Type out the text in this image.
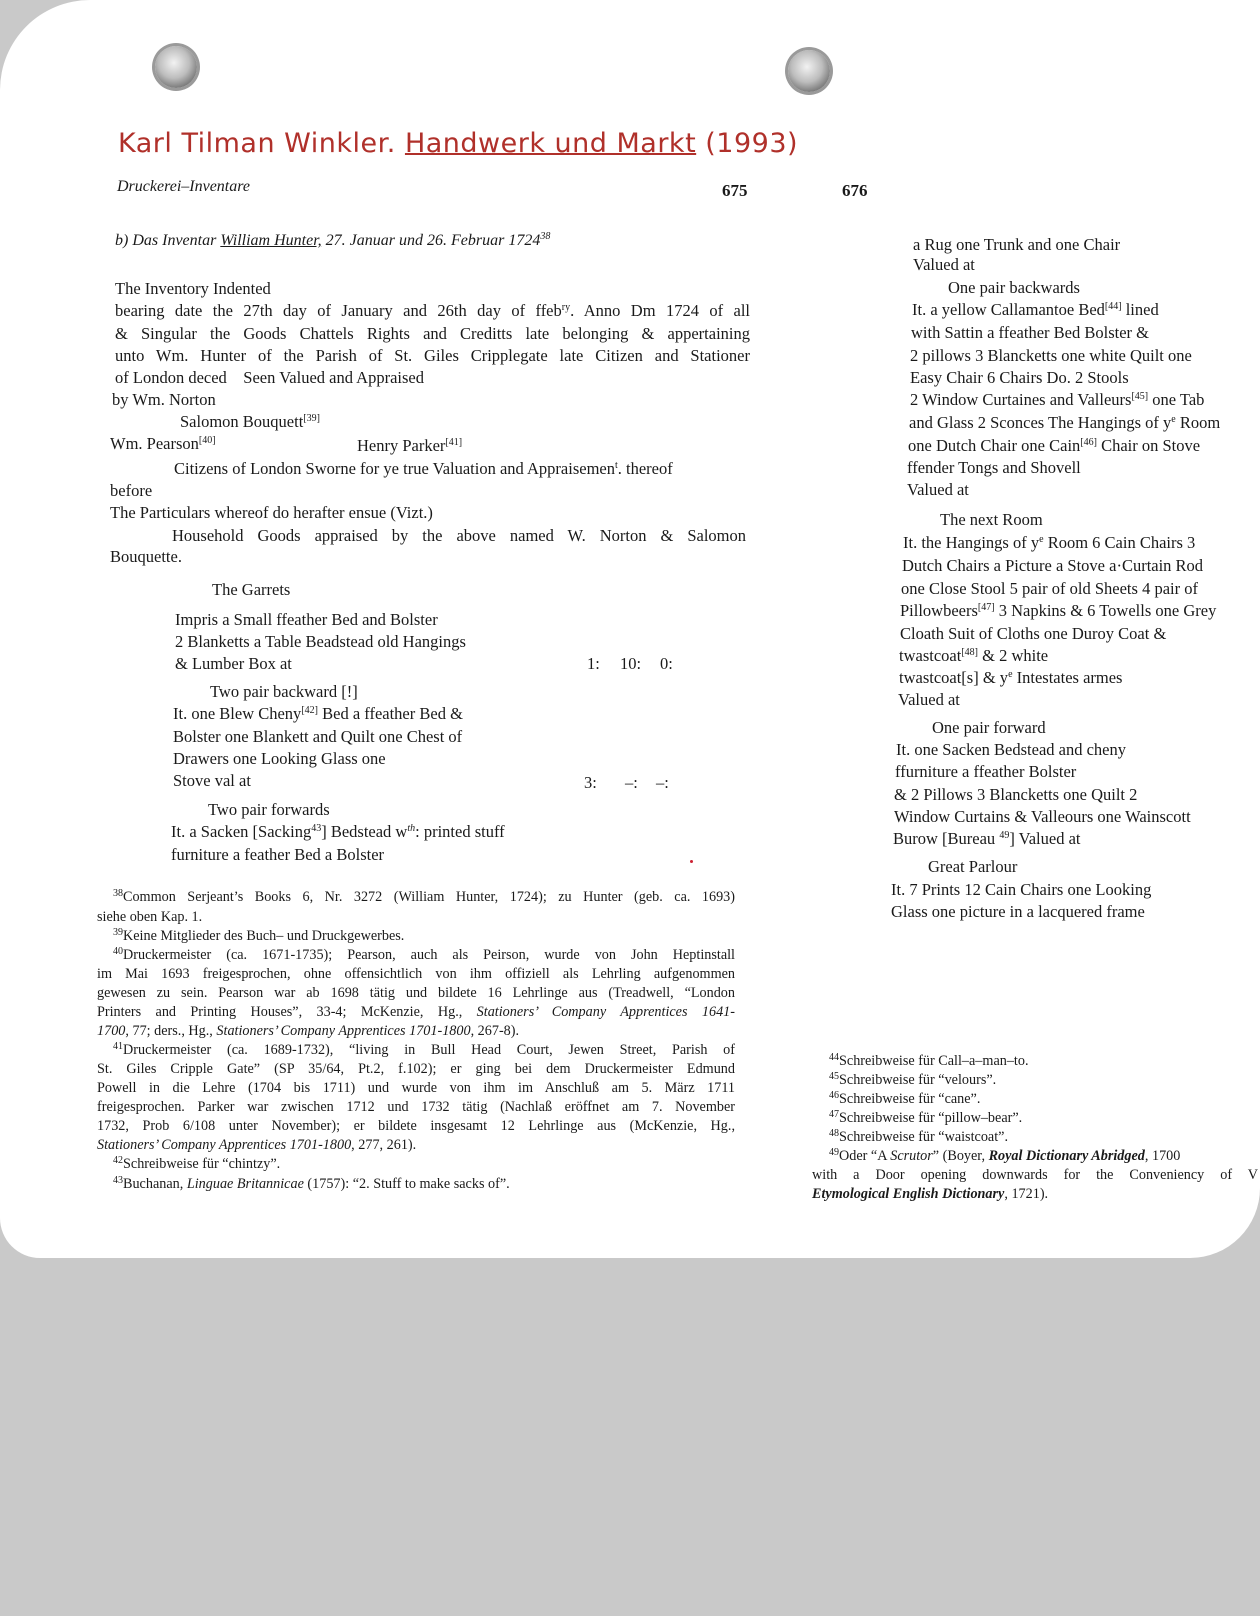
Karl Tilman Winkler. Handwerk und Markt (1993)
Druckerei–Inventare	675	676
b) Das Inventar William Hunter, 27. Januar und 26. Februar 1724$^{38}$
The Inventory Indented
bearing date the 27th day of January and 26th day of ffeb$^{ry}$. Anno Dm 1724 of all
& Singular the Goods Chattels Rights and Creditts late belonging & appertaining
unto Wm. Hunter of the Parish of St. Giles Cripplegate late Citizen and Stationer
of London deced    Seen Valued and Appraised
by Wm. Norton
Salomon Bouquett[39]
Wm. Pearson[40]	Henry Parker[41]
Citizens of London Sworne for ye true Valuation and Appraisemen$^t$. thereof
before
The Particulars whereof do herafter ensue (Vizt.)
Household Goods appraised by the above named W. Norton & Salomon
Bouquette.
The Garrets
Impris a Small ffeather Bed and Bolster
2 Blanketts a Table Beadstead old Hangings
& Lumber Box at	1: 10: 0:
Two pair backward [!]
It. one Blew Cheny[42] Bed a ffeather Bed &
Bolster one Blankett and Quilt one Chest of
Drawers one Looking Glass one
Stove val at	3: –: –:
Two pair forwards
It. a Sacken [Sacking$^{43}$] Bedstead $w^{th}$: printed stuff
furniture a feather Bed a Bolster
$^{38}$Common Serjeant’s Books 6, Nr. 3272 (William Hunter, 1724); zu Hunter (geb. ca. 1693)
siehe oben Kap. 1.
$^{39}$Keine Mitglieder des Buch– und Druckgewerbes.
$^{40}$Druckermeister (ca. 1671-1735); Pearson, auch als Peirson, wurde von John Heptinstall
im Mai 1693 freigesprochen, ohne offensichtlich von ihm offiziell als Lehrling aufgenommen
gewesen zu sein. Pearson war ab 1698 tätig und bildete 16 Lehrlinge aus (Treadwell, “London
Printers and Printing Houses”, 33-4; McKenzie, Hg., Stationers’ Company Apprentices 1641-
1700, 77; ders., Hg., Stationers’ Company Apprentices 1701-1800, 267-8).
$^{41}$Druckermeister (ca. 1689-1732), “living in Bull Head Court, Jewen Street, Parish of
St. Giles Cripple Gate” (SP 35/64, Pt.2, f.102); er ging bei dem Druckermeister Edmund
Powell in die Lehre (1704 bis 1711) und wurde von ihm im Anschluß am 5. März 1711
freigesprochen. Parker war zwischen 1712 und 1732 tätig (Nachlaß eröffnet am 7. November
1732, Prob 6/108 unter November); er bildete insgesamt 12 Lehrlinge aus (McKenzie, Hg.,
Stationers’ Company Apprentices 1701-1800, 277, 261).
$^{42}$Schreibweise für “chintzy”.
$^{43}$Buchanan, Linguae Britannicae (1757): “2. Stuff to make sacks of”.
a Rug one Trunk and one Chair
Valued at
One pair backwards
It. a yellow Callamantoe Bed[44] lined
with Sattin a ffeather Bed Bolster &
2 pillows 3 Blancketts one white Quilt one
Easy Chair 6 Chairs Do. 2 Stools
2 Window Curtaines and Valleurs[45] one Tab
and Glass 2 Sconces The Hangings of $y^e$ Room
one Dutch Chair one Cain[46] Chair on Stove
ffender Tongs and Shovell
Valued at
The next Room
It. the Hangings of $y^e$ Room 6 Cain Chairs 3
Dutch Chairs a Picture a Stove a·Curtain Rod
one Close Stool 5 pair of old Sheets 4 pair of
Pillowbeers[47] 3 Napkins & 6 Towells one Grey
Cloath Suit of Cloths one Duroy Coat &
twastcoat[48] & 2 white
twastcoat[s] & $y^e$ Intestates armes
Valued at
One pair forward
It. one Sacken Bedstead and cheny
ffurniture a ffeather Bolster
& 2 Pillows 3 Blancketts one Quilt 2
Window Curtains & Valleours one Wainscott
Burow [Bureau $^{49}$] Valued at
Great Parlour
It. 7 Prints 12 Cain Chairs one Looking
Glass one picture in a lacquered frame
$^{44}$Schreibweise für Call–a–man–to.
$^{45}$Schreibweise für “velours”.
$^{46}$Schreibweise für “cane”.
$^{47}$Schreibweise für “pillow–bear”.
$^{48}$Schreibweise für “waistcoat”.
$^{49}$Oder “A Scrutor” (Boyer, Royal Dictionary Abridged, 1700
with a Door opening downwards for the Conveniency of V
Etymological English Dictionary, 1721).
